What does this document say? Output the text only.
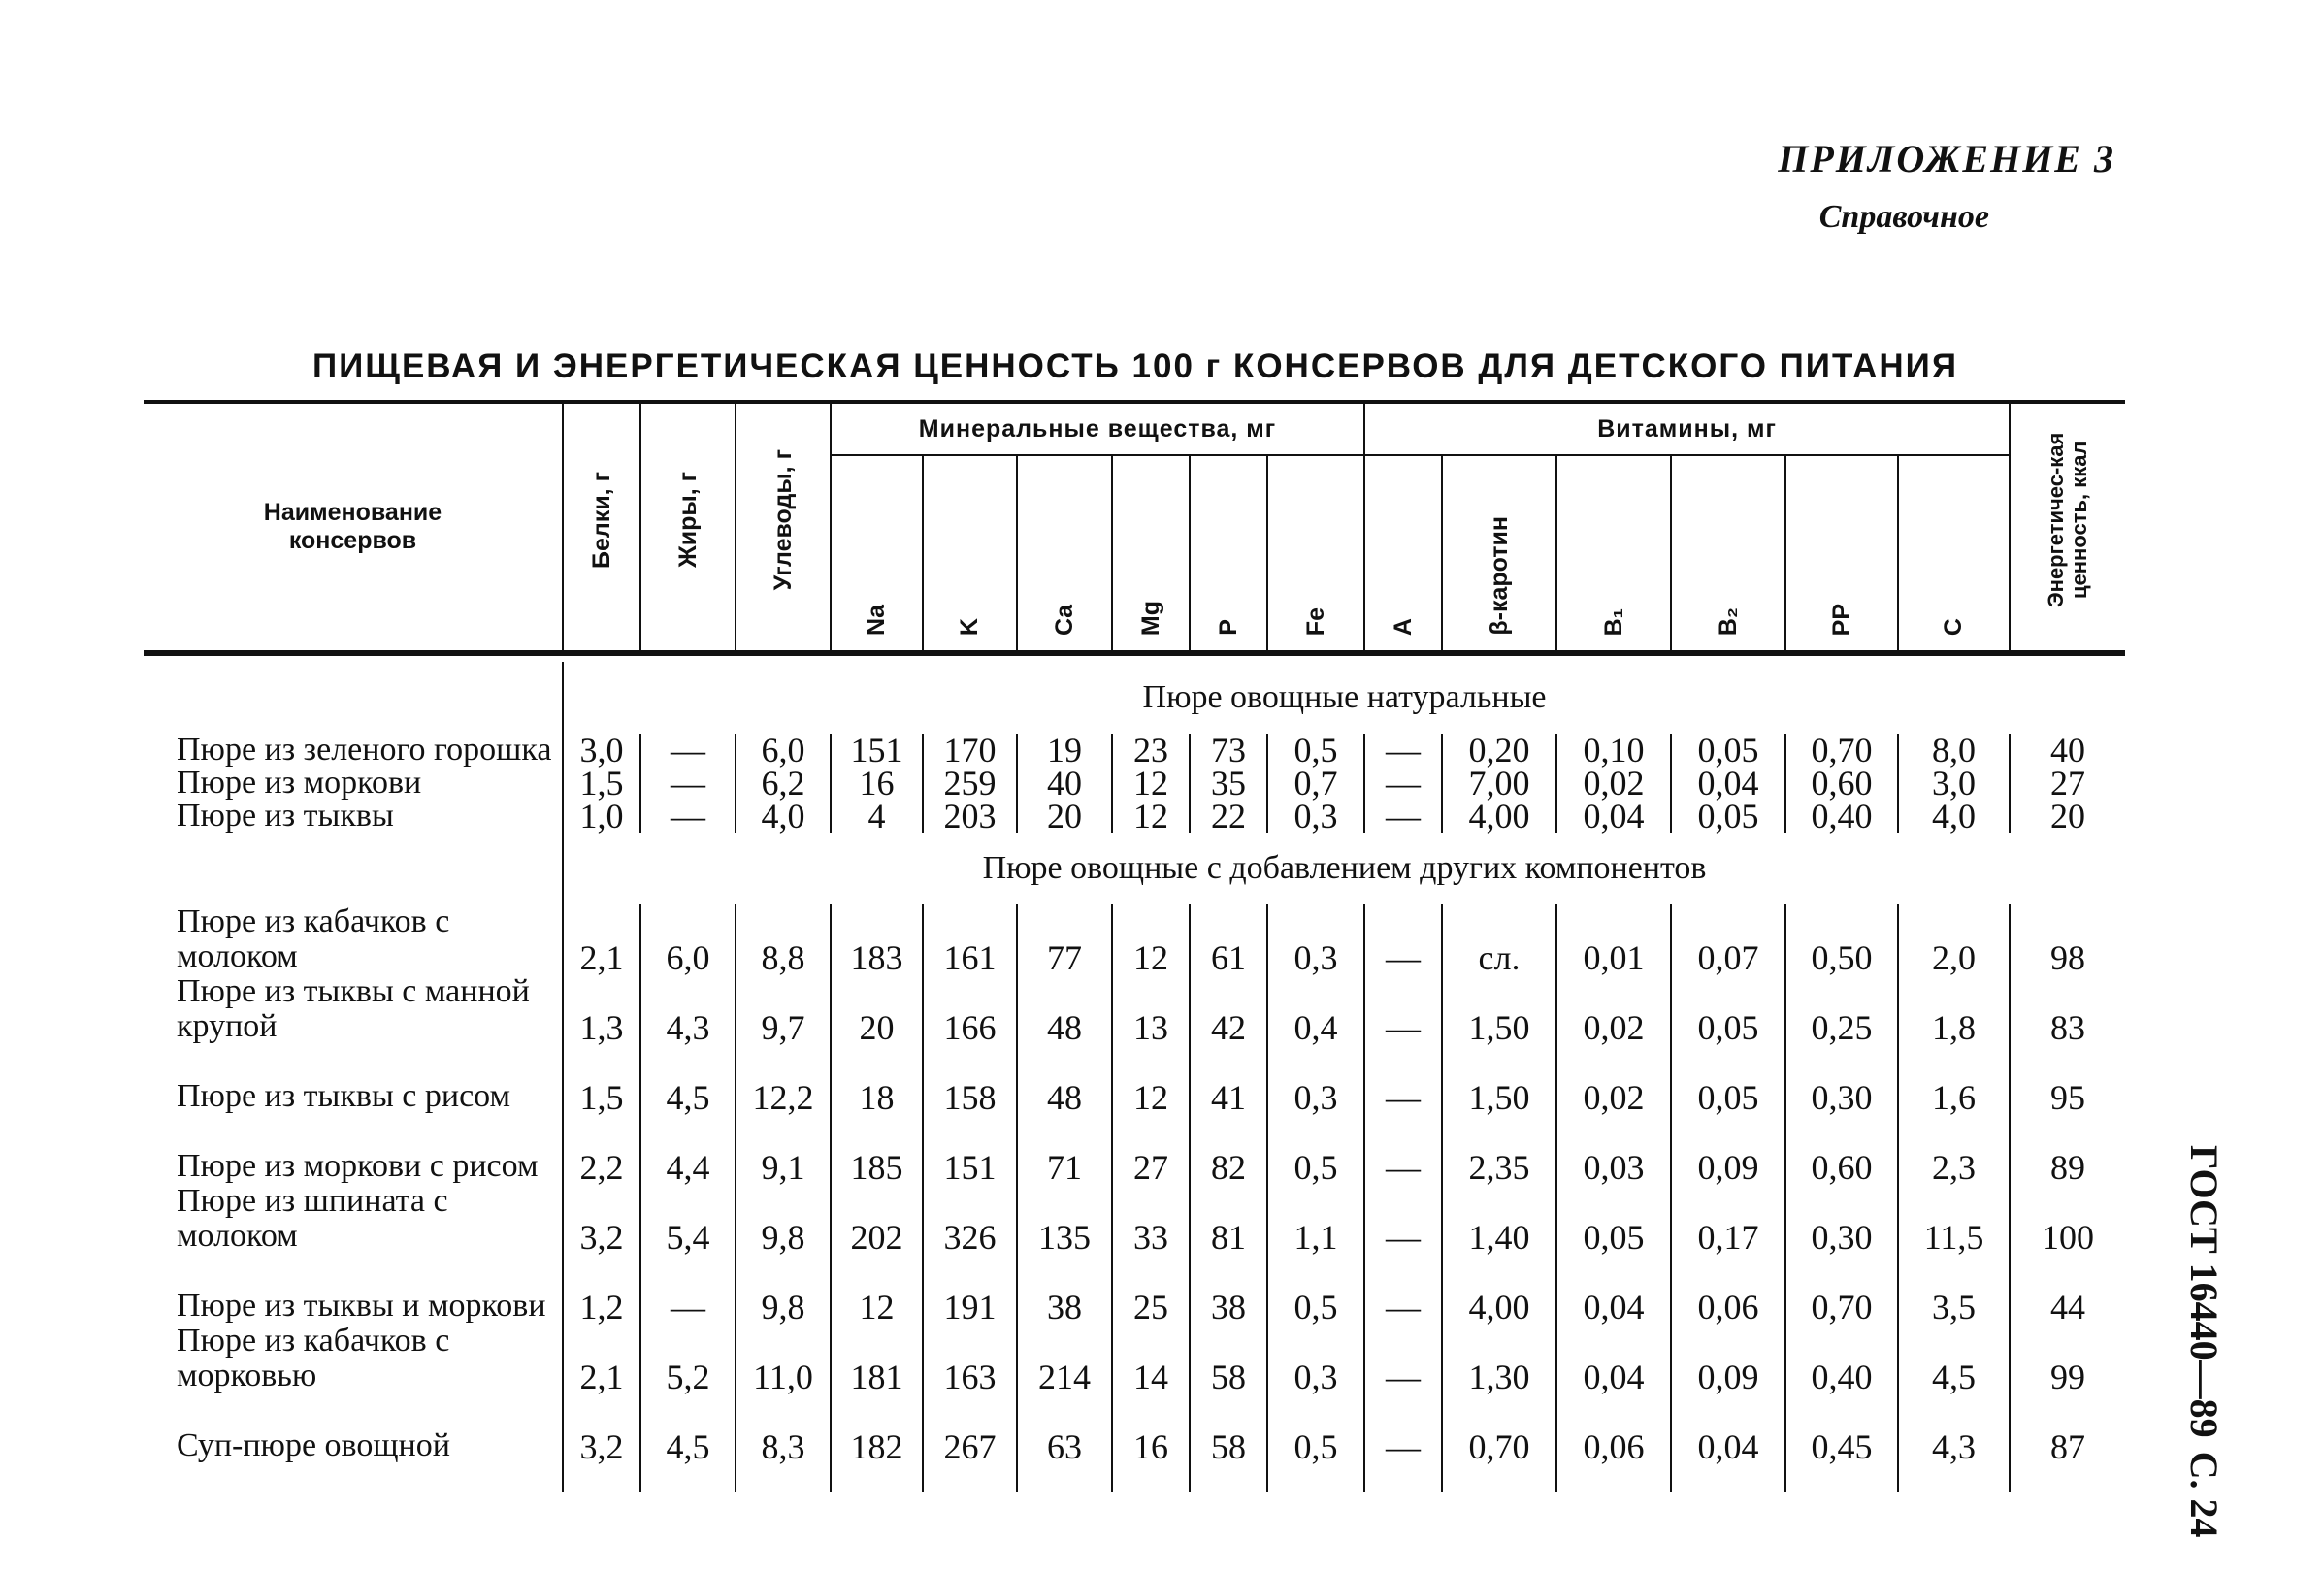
ПРИЛОЖЕНИЕ 3
Справочное
ПИЩЕВАЯ И ЭНЕРГЕТИЧЕСКАЯ ЦЕННОСТЬ 100 г КОНСЕРВОВ ДЛЯ ДЕТСКОГО ПИТАНИЯ
ГОСТ 16440—89С. 24
Наименование консервов	Белки, г	Жиры, г	Углеводы, г	Минеральные вещества, мг						Витамины, мг						Энергетичес-кая ценность, ккал
				Na	K	Ca	Mg	P	Fe	A	β-каротин	B₁	B₂	PP	C	

	Пюре овощные натуральные															
Пюре из зеленого горошка	3,0	—	6,0	151	170	19	23	73	0,5	—	0,20	0,10	0,05	0,70	8,0	40
Пюре из моркови	1,5	—	6,2	16	259	40	12	35	0,7	—	7,00	0,02	0,04	0,60	3,0	27
Пюре из тыквы	1,0	—	4,0	4	203	20	12	22	0,3	—	4,00	0,04	0,05	0,40	4,0	20
	Пюре овощные с добавлением других компонентов															
Пюре из кабачков с молоком	2,1	6,0	8,8	183	161	77	12	61	0,3	—	сл.	0,01	0,07	0,50	2,0	98
Пюре из тыквы с манной крупой	1,3	4,3	9,7	20	166	48	13	42	0,4	—	1,50	0,02	0,05	0,25	1,8	83
Пюре из тыквы с рисом	1,5	4,5	12,2	18	158	48	12	41	0,3	—	1,50	0,02	0,05	0,30	1,6	95
Пюре из моркови с рисом	2,2	4,4	9,1	185	151	71	27	82	0,5	—	2,35	0,03	0,09	0,60	2,3	89
Пюре из шпината с молоком	3,2	5,4	9,8	202	326	135	33	81	1,1	—	1,40	0,05	0,17	0,30	11,5	100
Пюре из тыквы и моркови	1,2	—	9,8	12	191	38	25	38	0,5	—	4,00	0,04	0,06	0,70	3,5	44
Пюре из кабачков с морковью	2,1	5,2	11,0	181	163	214	14	58	0,3	—	1,30	0,04	0,09	0,40	4,5	99
Суп-пюре овощной	3,2	4,5	8,3	182	267	63	16	58	0,5	—	0,70	0,06	0,04	0,45	4,3	87
